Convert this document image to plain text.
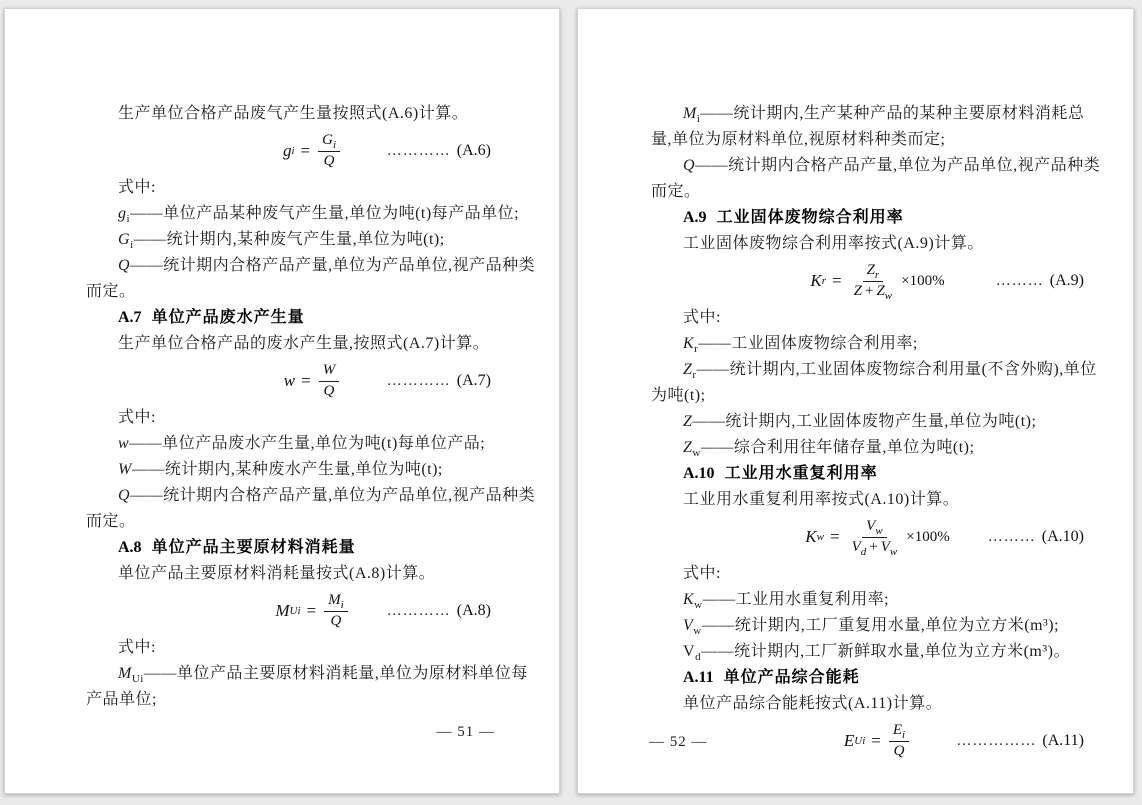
生产单位合格产品废气产生量按照式(A.6)计算。

g $i = \frac{G_i}{Q}$	………… (A.6)

式中:

$g_i——$单位产品某种废气产生量,单位为吨(t)每产品单位;

$G_i——$统计期内,某种废气产生量,单位为吨(t);

Q——统计期内合格产品产量,单位为产品单位,视产品种类而定。

A.7 单位产品废水产生量

生产单位合格产品的废水产生量,按照式(A.7)计算。

$w = \frac{W}{Q}$	………… (A.7)

式中:

w——单位产品废水产生量,单位为吨(t)每单位产品;

W——统计期内,某种废水产生量,单位为吨(t);

Q——统计期内合格产品产量,单位为产品单位,视产品种类而定。

A.8 单位产品主要原材料消耗量

单位产品主要原材料消耗量按式(A.8)计算。

M $Ui = \frac{M_i}{Q}$	………… (A.8)

式中:

$M_{Ui}——$单位产品主要原材料消耗量,单位为原材料单位每产品单位;

— 51 —

$M_i——$统计期内,生产某种产品的某种主要原材料消耗总量,单位为原材料单位,视原材料种类而定;

Q——统计期内合格产品产量,单位为产品单位,视产品种类而定。

A.9 工业固体废物综合利用率

工业固体废物综合利用率按式(A.9)计算。

K $r = \frac{Z_r}{Z + Z_w} \times 100\%$	……… (A.9)

式中:

$K_r——$工业固体废物综合利用率;

$Z_r——$统计期内,工业固体废物综合利用量(不含外购),单位为吨(t);

Z——统计期内,工业固体废物产生量,单位为吨(t);

$Z_w——$综合利用往年储存量,单位为吨(t);

A.10 工业用水重复利用率

工业用水重复利用率按式(A.10)计算。

K $w = \frac{V_w}{V_d + V_w} \times 100\%$	……… (A.10)

式中:

$K_w——$工业用水重复利用率;

$V_w——$统计期内,工厂重复用水量,单位为立方米(m³);

$V_d——$统计期内,工厂新鲜取水量,单位为立方米(m³)。

A.11 单位产品综合能耗

单位产品综合能耗按式(A.11)计算。

E $Ui = \frac{E_i}{Q}$	…………… (A.11)
— 52 —
